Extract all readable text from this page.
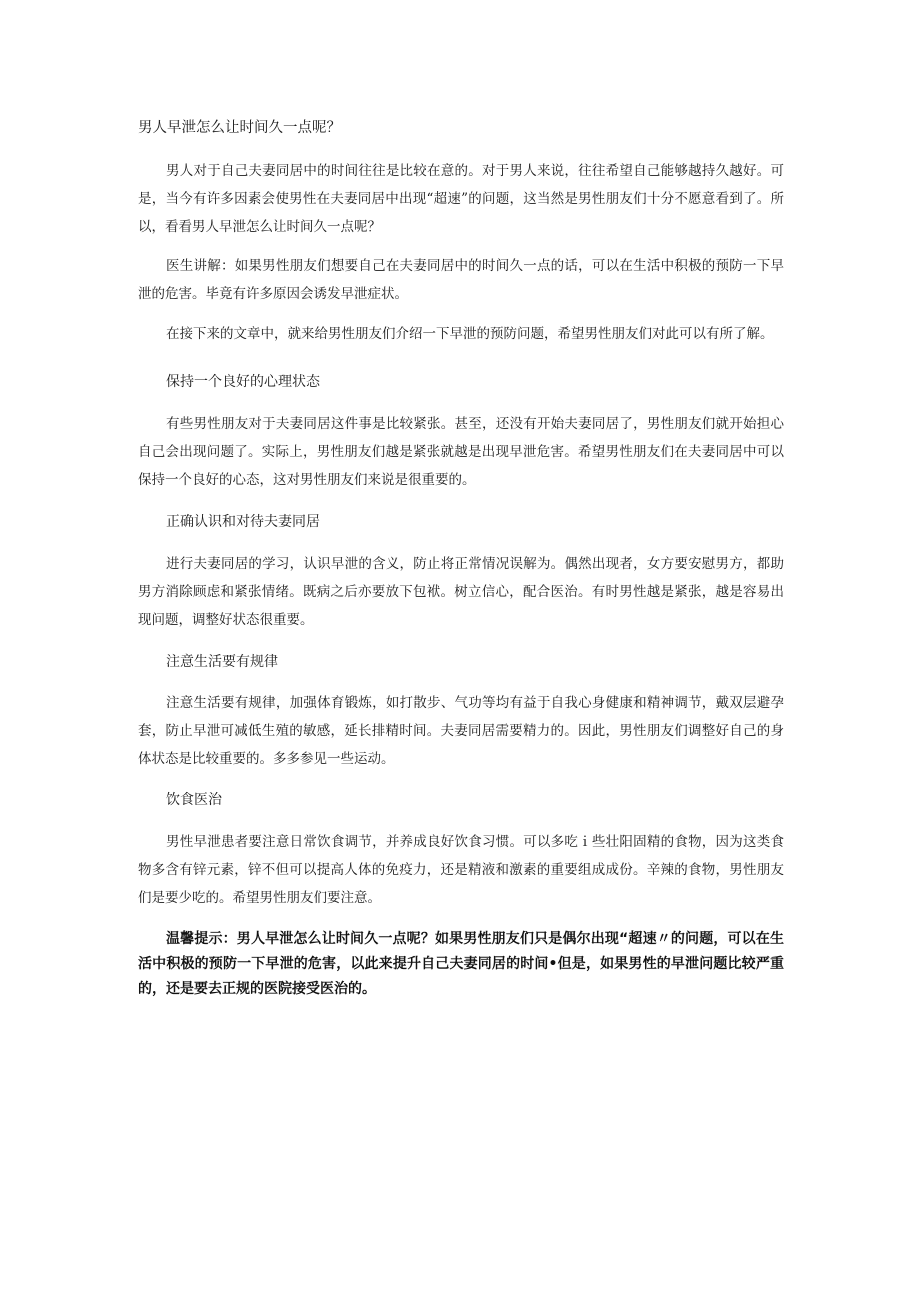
男人早泄怎么让时间久一点呢？

男人对于自己夫妻同居中的时间往往是比较在意的。对于男人来说，往往希望自己能够越持久越好。可是，当今有许多因素会使男性在夫妻同居中出现“超速”的问题，这当然是男性朋友们十分不愿意看到了。所以，看看男人早泄怎么让时间久一点呢？

医生讲解：如果男性朋友们想要自己在夫妻同居中的时间久一点的话，可以在生活中积极的预防一下早泄的危害。毕竟有许多原因会诱发早泄症状。

在接下来的文章中，就来给男性朋友们介绍一下早泄的预防问题，希望男性朋友们对此可以有所了解。

保持一个良好的心理状态

有些男性朋友对于夫妻同居这件事是比较紧张。甚至，还没有开始夫妻同居了，男性朋友们就开始担心自己会出现问题了。实际上，男性朋友们越是紧张就越是出现早泄危害。希望男性朋友们在夫妻同居中可以保持一个良好的心态，这对男性朋友们来说是很重要的。

正确认识和对待夫妻同居

进行夫妻同居的学习，认识早泄的含义，防止将正常情况误解为。偶然出现者，女方要安慰男方，都助男方消除顾虑和紧张情绪。既病之后亦要放下包袱。树立信心，配合医治。有时男性越是紧张，越是容易出现问题，调整好状态很重要。

注意生活要有规律

注意生活要有规律，加强体育锻炼，如打散步、气功等均有益于自我心身健康和精神调节，戴双层避孕套，防止早泄可减低生殖的敏感，延长排精时间。夫妻同居需要精力的。因此，男性朋友们调整好自己的身体状态是比较重要的。多多参见一些运动。

饮食医治

男性早泄患者要注意日常饮食调节，并养成良好饮食习惯。可以多吃ｉ些壮阳固精的食物，因为这类食物多含有锌元素，锌不但可以提高人体的免疫力，还是精液和激素的重要组成成份。辛辣的食物，男性朋友们是要少吃的。希望男性朋友们要注意。

温馨提示：男人早泄怎么让时间久一点呢？如果男性朋友们只是偶尔出现“超速〃的问题，可以在生活中积极的预防一下早泄的危害，以此来提升自己夫妻同居的时间•但是，如果男性的早泄问题比较严重的，还是要去正规的医院接受医治的。
